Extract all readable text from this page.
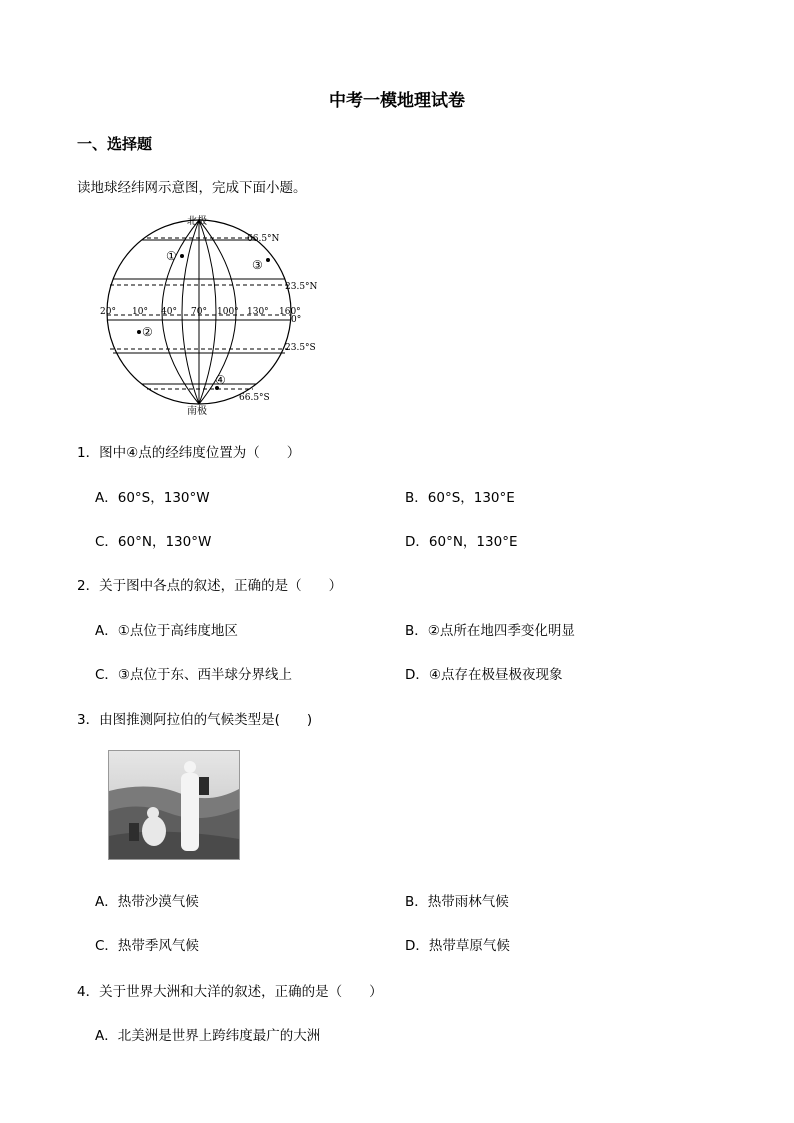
中考一模地理试卷
一、选择题
读地球经纬网示意图，完成下面小题。
北极
南极
66.5°N
23.5°N
23.5°S
66.5°S
20° 10° 40° 70° 100° 130° 160°
0°
①
②
③
④
1．图中④点的经纬度位置为（　　）
A．60°S，130°W	B．60°S，130°E
C．60°N，130°W	D．60°N，130°E
2．关于图中各点的叙述，正确的是（　　）
A．①点位于高纬度地区	B．②点所在地四季变化明显
C．③点位于东、西半球分界线上	D．④点存在极昼极夜现象
3．由图推测阿拉伯的气候类型是(　　)
A．热带沙漠气候	B．热带雨林气候
C．热带季风气候	D．热带草原气候
4．关于世界大洲和大洋的叙述，正确的是（　　）
A．北美洲是世界上跨纬度最广的大洲
